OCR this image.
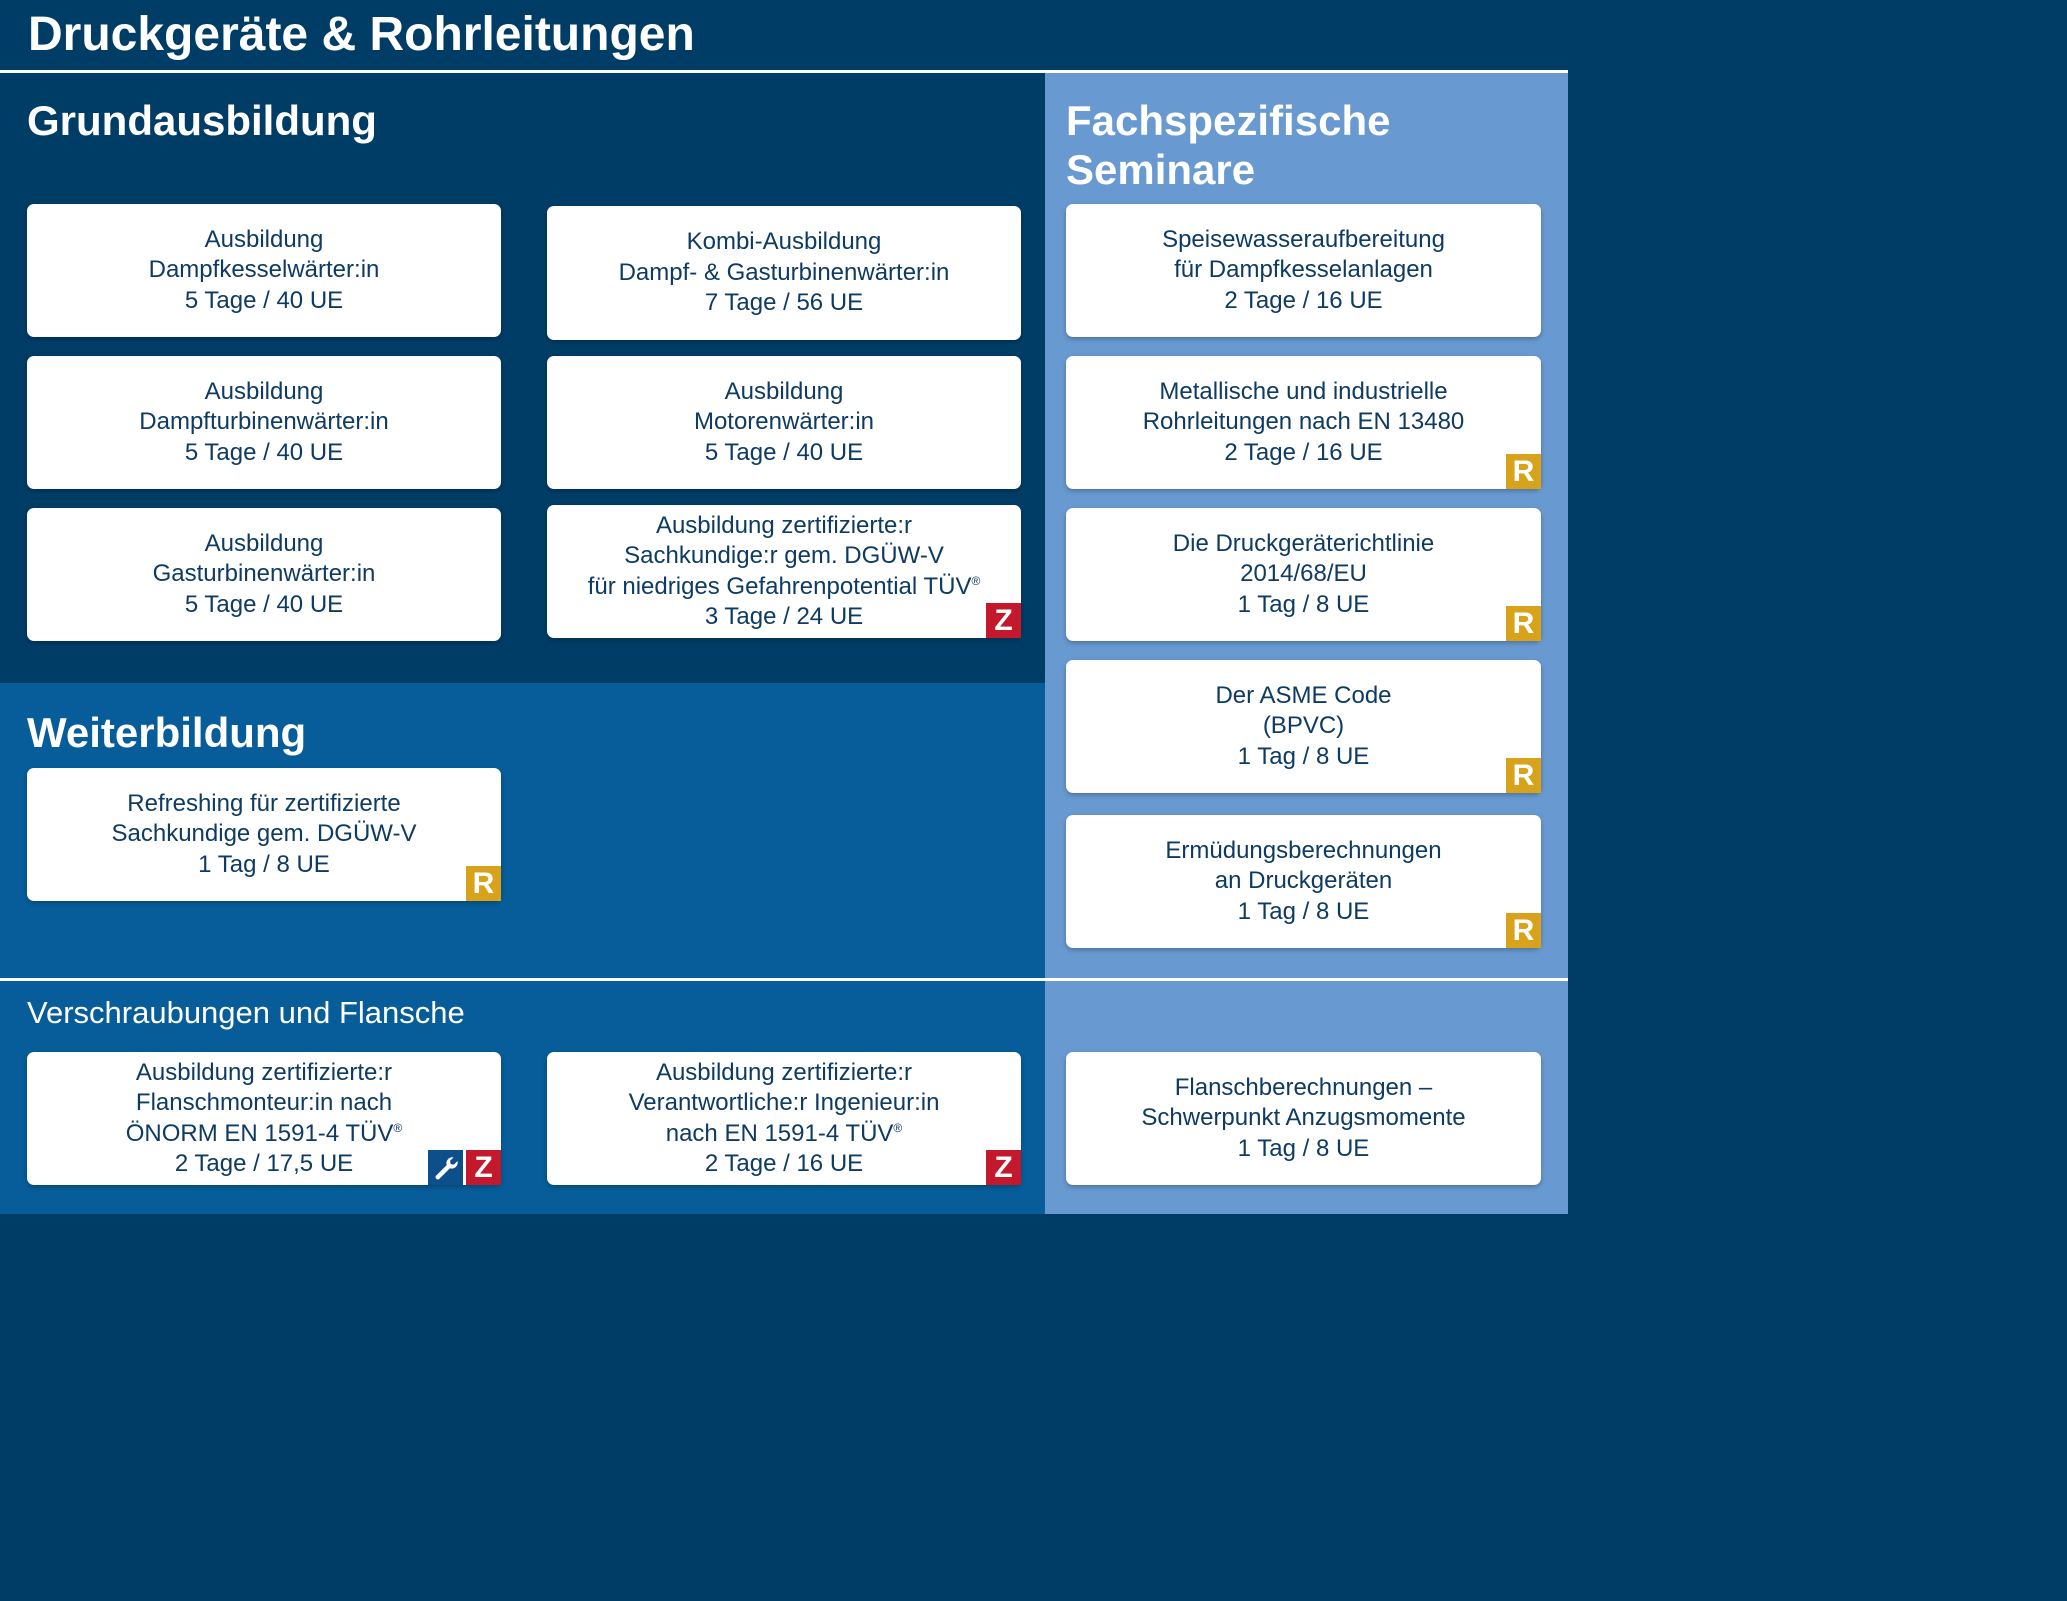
Druckgeräte & Rohrleitungen
Grundausbildung
Weiterbildung
Fachspezifische
Seminare
Verschraubungen und Flansche
Ausbildung
Dampfkesselwärter:in
5 Tage / 40 UE
Kombi-Ausbildung
Dampf- & Gasturbinenwärter:in
7 Tage / 56 UE
Ausbildung
Dampfturbinenwärter:in
5 Tage / 40 UE
Ausbildung
Motorenwärter:in
5 Tage / 40 UE
Ausbildung
Gasturbinenwärter:in
5 Tage / 40 UE
Ausbildung zertifizierte:r
Sachkundige:r gem. DGÜW-V
für niedriges Gefahrenpotential TÜV®
3 Tage / 24 UE	Z
Refreshing für zertifizierte
Sachkundige gem. DGÜW-V
1 Tag / 8 UE
R
Speisewasseraufbereitung
für Dampfkesselanlagen
2 Tage / 16 UE
Metallische und industrielle
Rohrleitungen nach EN 13480
2 Tage / 16 UE
R
Die Druckgeräterichtlinie
2014/68/EU
1 Tag / 8 UE
R
Der ASME Code
(BPVC)
1 Tag / 8 UE
R
Ermüdungsberechnungen
an Druckgeräten
1 Tag / 8 UE
R
Ausbildung zertifizierte:r
Flanschmonteur:in nach
ÖNORM EN 1591-4 TÜV®
2 Tage / 17,5 UE	Z
Ausbildung zertifizierte:r
Verantwortliche:r Ingenieur:in
nach EN 1591-4 TÜV®
2 Tage / 16 UE	Z
Flanschberechnungen –
Schwerpunkt Anzugsmomente
1 Tag / 8 UE
